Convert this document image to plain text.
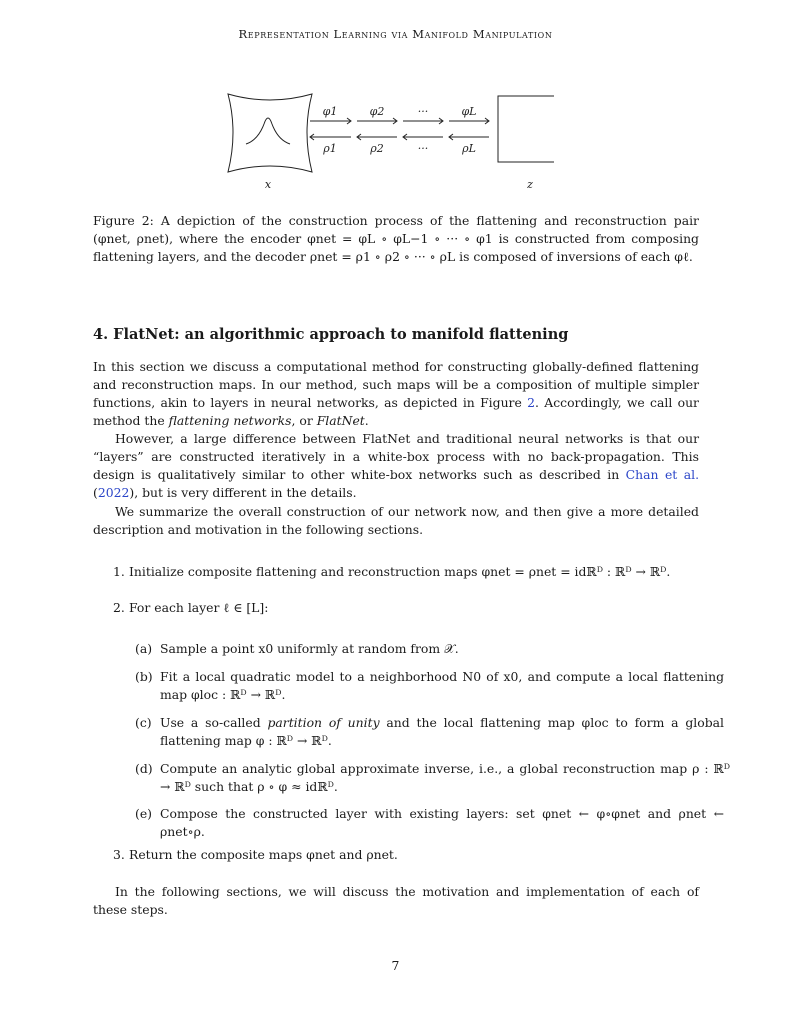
Representation Learning via Manifold Manipulation
φ1	φ2	···	φL
ρ1	ρ2	···	ρL
x	z
Figure 2: A depiction of the construction process of the flattening and reconstruction pair (φnet, ρnet), where the encoder φnet = φL ∘ φL−1 ∘ ··· ∘ φ1 is constructed from composing flattening layers, and the decoder ρnet = ρ1 ∘ ρ2 ∘ ··· ∘ ρL is composed of inversions of each φℓ.
4. FlatNet: an algorithmic approach to manifold flattening
In this section we discuss a computational method for constructing globally-defined flattening and reconstruction maps. In our method, such maps will be a composition of multiple simpler functions, akin to layers in neural networks, as depicted in Figure 2. Accordingly, we call our method the flattening networks, or FlatNet.
However, a large difference between FlatNet and traditional neural networks is that our “layers” are constructed iteratively in a white-box process with no back-propagation. This design is qualitatively similar to other white-box networks such as described in Chan et al. (2022), but is very different in the details.
We summarize the overall construction of our network now, and then give a more detailed description and motivation in the following sections.
1. Initialize composite flattening and reconstruction maps φnet = ρnet = idℝᴰ : ℝᴰ → ℝᴰ.
2. For each layer ℓ ∈ [L]:
(a) Sample a point x0 uniformly at random from 𝒳.
(b) Fit a local quadratic model to a neighborhood N0 of x0, and compute a local flattening map φloc : ℝᴰ → ℝᴰ.
(c) Use a so-called partition of unity and the local flattening map φloc to form a global flattening map φ : ℝᴰ → ℝᴰ.
(d) Compute an analytic global approximate inverse, i.e., a global reconstruction map ρ : ℝᴰ → ℝᴰ such that ρ ∘ φ ≈ idℝᴰ.
(e) Compose the constructed layer with existing layers: set φnet ← φ∘φnet and ρnet ← ρnet∘ρ.
3. Return the composite maps φnet and ρnet.
In the following sections, we will discuss the motivation and implementation of each of these steps.
7
